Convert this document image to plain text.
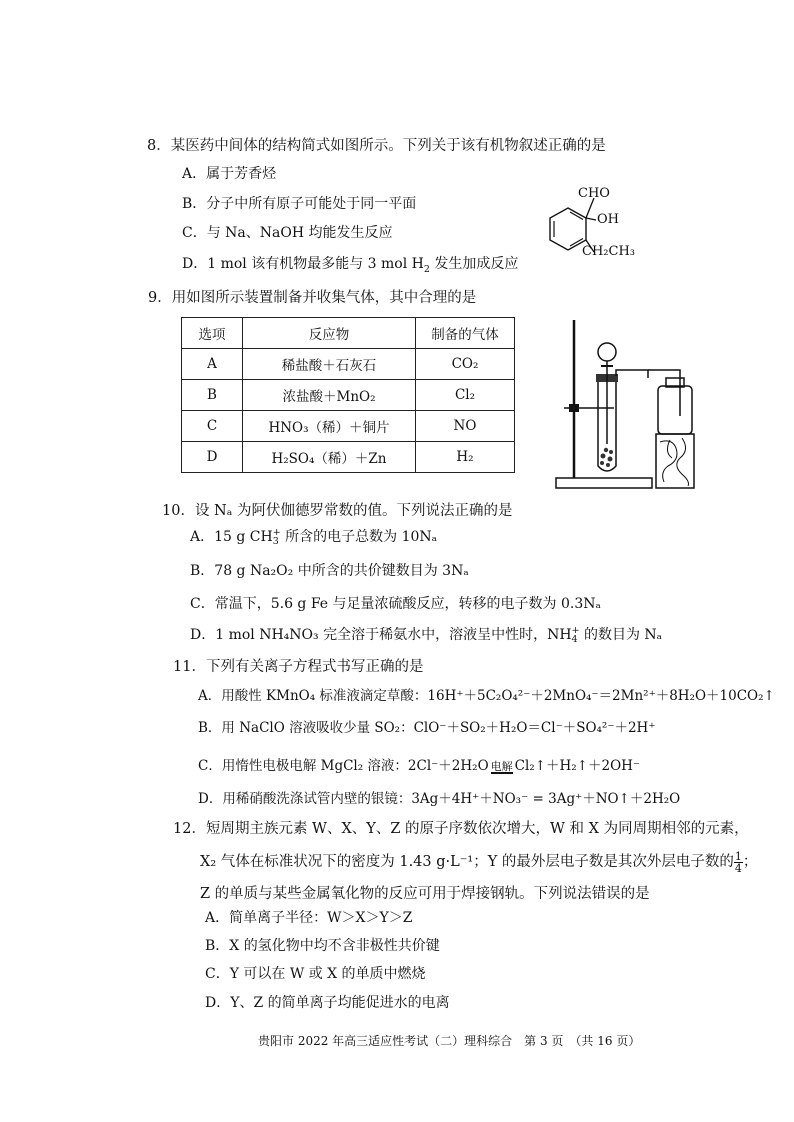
8．某医药中间体的结构简式如图所示。下列关于该有机物叙述正确的是
A．属于芳香烃
B．分子中所有原子可能处于同一平面
C．与 Na、NaOH 均能发生反应
D．1 mol 该有机物最多能与 3 mol $H_2$ 发生加成反应
CHO
OH
CH₂CH₃
9．用如图所示装置制备并收集气体，其中合理的是
选项	反应物	制备的气体
A	稀盐酸＋石灰石	CO₂
B	浓盐酸＋MnO₂	Cl₂
C	HNO₃（稀）＋铜片	NO
D	H₂SO₄（稀）＋Zn	H₂
10．设 Nₐ 为阿伏伽德罗常数的值。下列说法正确的是
A．15 g CH +
3 所含的电子总数为 10Nₐ
B．78 g Na₂O₂ 中所含的共价键数目为 3Nₐ
C．常温下，5.6 g Fe 与足量浓硫酸反应，转移的电子数为 0.3Nₐ
D．1 mol NH₄NO₃ 完全溶于稀氨水中，溶液呈中性时，NH +
4 的数目为 Nₐ
11．下列有关离子方程式书写正确的是
A．用酸性 KMnO₄ 标准液滴定草酸：16H⁺＋5C₂O₄²⁻＋2MnO₄⁻＝2Mn²⁺＋8H₂O＋10CO₂↑
B．用 NaClO 溶液吸收少量 SO₂：ClO⁻＋SO₂＋H₂O＝Cl⁻＋SO₄²⁻＋2H⁺
C．用惰性电极电解 MgCl₂ 溶液：2Cl⁻＋2H₂O 电解 Cl₂↑＋H₂↑＋2OH⁻
D．用稀硝酸洗涤试管内壁的银镜：3Ag＋4H⁺＋NO₃⁻ = 3Ag⁺＋NO↑＋2H₂O
12．短周期主族元素 W、X、Y、Z 的原子序数依次增大，W 和 X 为同周期相邻的元素，
X₂ 气体在标准状况下的密度为 1.43 g·L⁻¹；Y 的最外层电子数是其次外层电子数的 $\frac{1}{4}$ ；
Z 的单质与某些金属氧化物的反应可用于焊接钢轨。下列说法错误的是
A．简单离子半径：W＞X＞Y＞Z
B．X 的氢化物中均不含非极性共价键
C．Y 可以在 W 或 X 的单质中燃烧
D．Y、Z 的简单离子均能促进水的电离
贵阳市 2022 年高三适应性考试（二）理科综合　第 3 页　（共 16 页）
